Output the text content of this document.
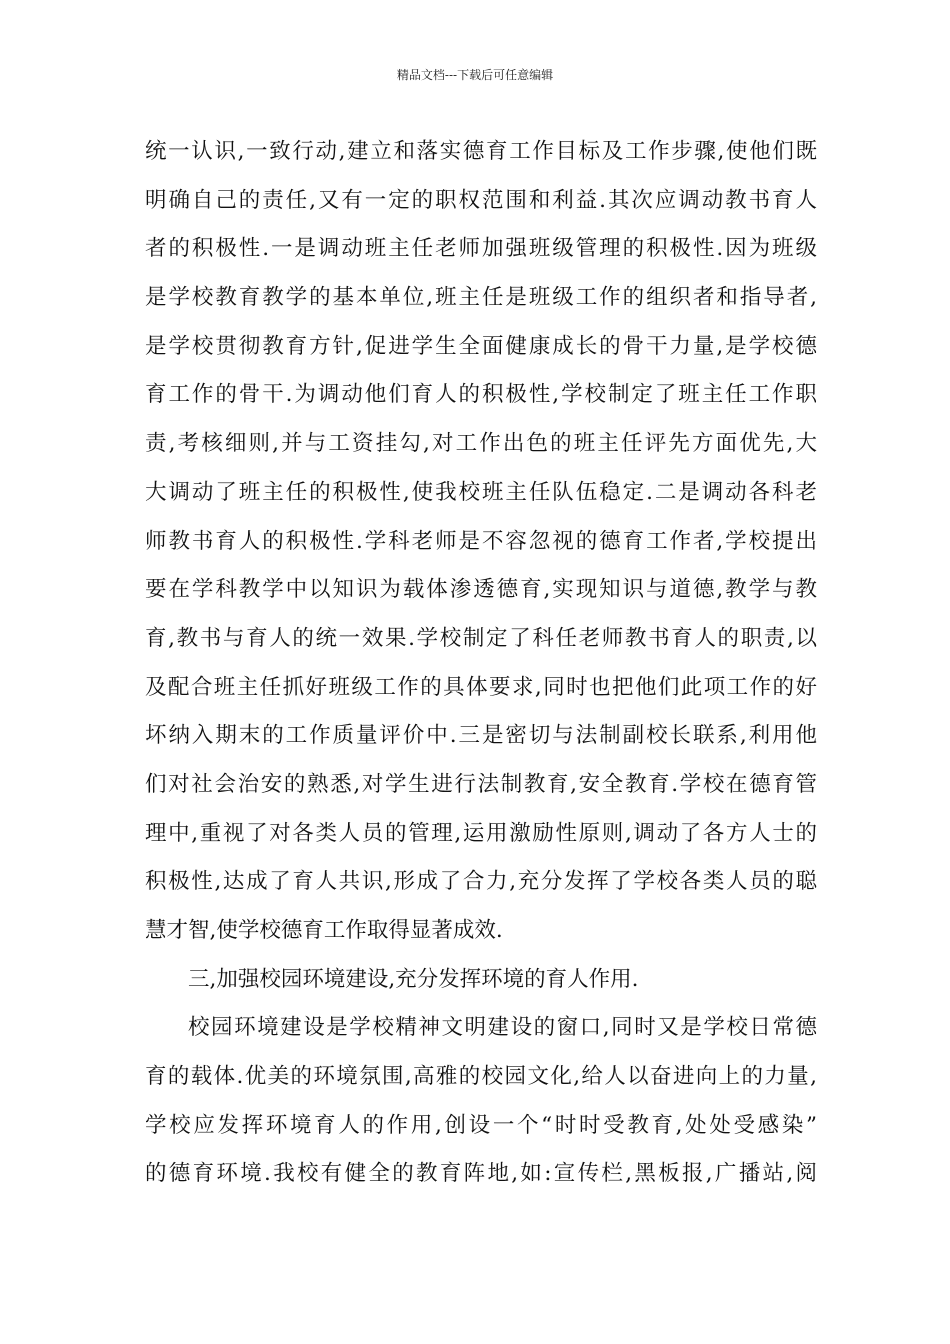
精品文档---下载后可任意编辑
统一认识,一致行动,建立和落实德育工作目标及工作步骤,使他们既
明确自己的责任,又有一定的职权范围和利益.其次应调动教书育人
者的积极性.一是调动班主任老师加强班级管理的积极性.因为班级
是学校教育教学的基本单位,班主任是班级工作的组织者和指导者,
是学校贯彻教育方针,促进学生全面健康成长的骨干力量,是学校德
育工作的骨干.为调动他们育人的积极性,学校制定了班主任工作职
责,考核细则,并与工资挂勾,对工作出色的班主任评先方面优先,大
大调动了班主任的积极性,使我校班主任队伍稳定.二是调动各科老
师教书育人的积极性.学科老师是不容忽视的德育工作者,学校提出
要在学科教学中以知识为载体渗透德育,实现知识与道德,教学与教
育,教书与育人的统一效果.学校制定了科任老师教书育人的职责,以
及配合班主任抓好班级工作的具体要求,同时也把他们此项工作的好
坏纳入期末的工作质量评价中.三是密切与法制副校长联系,利用他
们对社会治安的熟悉,对学生进行法制教育,安全教育.学校在德育管
理中,重视了对各类人员的管理,运用激励性原则,调动了各方人士的
积极性,达成了育人共识,形成了合力,充分发挥了学校各类人员的聪
慧才智,使学校德育工作取得显著成效.
三,加强校园环境建设,充分发挥环境的育人作用.
校园环境建设是学校精神文明建设的窗口,同时又是学校日常德
育的载体.优美的环境氛围,高雅的校园文化,给人以奋进向上的力量,
学校应发挥环境育人的作用,创设一个“时时受教育,处处受感染”
的德育环境.我校有健全的教育阵地,如:宣传栏,黑板报,广播站,阅
